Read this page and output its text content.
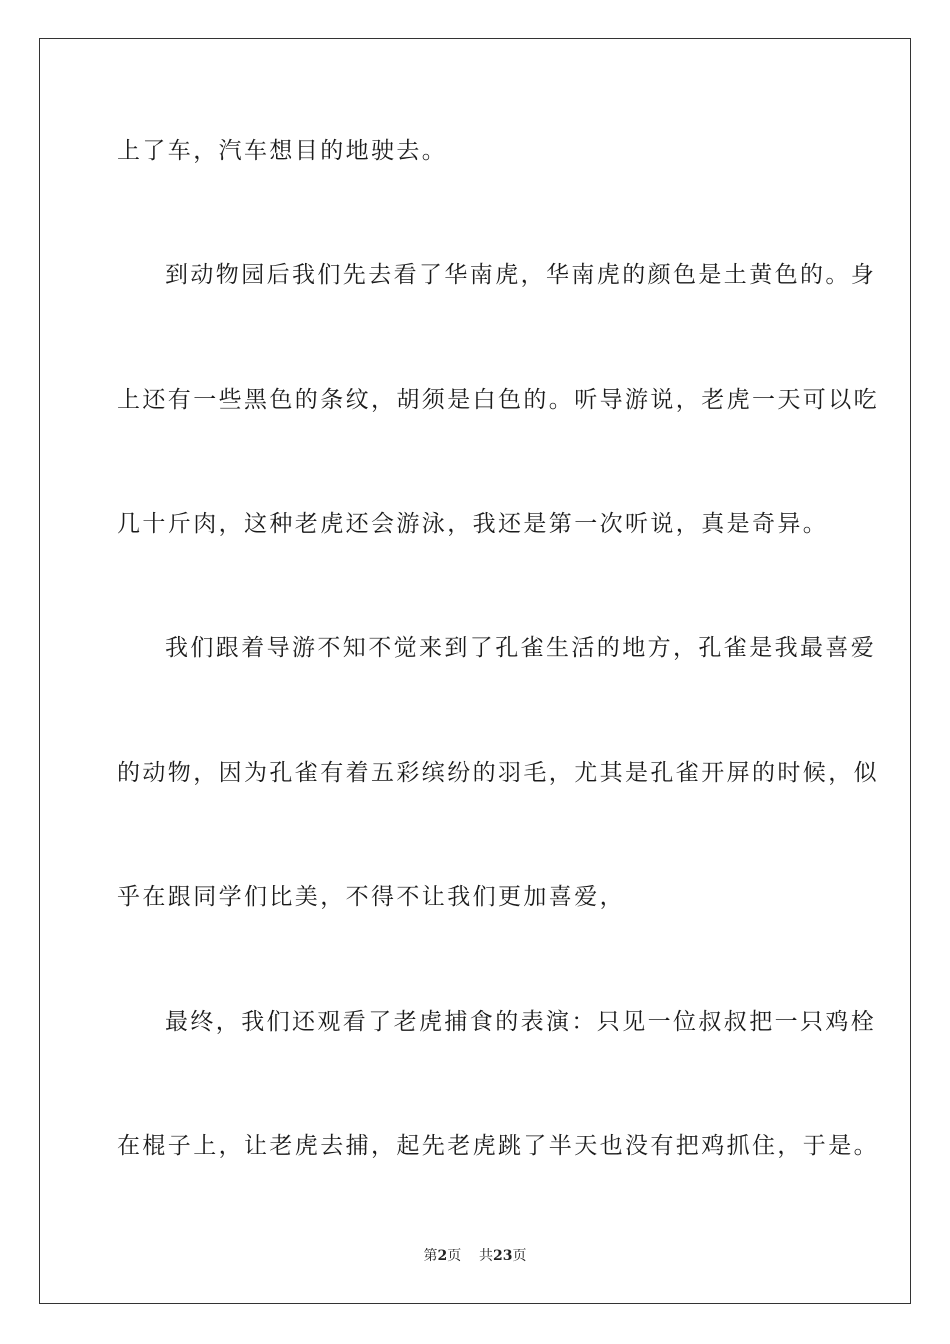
上了车，汽车想目的地驶去。
到动物园后我们先去看了华南虎，华南虎的颜色是土黄色的。身
上还有一些黑色的条纹，胡须是白色的。听导游说，老虎一天可以吃
几十斤肉，这种老虎还会游泳，我还是第一次听说，真是奇异。
我们跟着导游不知不觉来到了孔雀生活的地方，孔雀是我最喜爱
的动物，因为孔雀有着五彩缤纷的羽毛，尤其是孔雀开屏的时候，似
乎在跟同学们比美，不得不让我们更加喜爱，
最终，我们还观看了老虎捕食的表演：只见一位叔叔把一只鸡栓
在棍子上，让老虎去捕，起先老虎跳了半天也没有把鸡抓住，于是。
第2页 共23页
